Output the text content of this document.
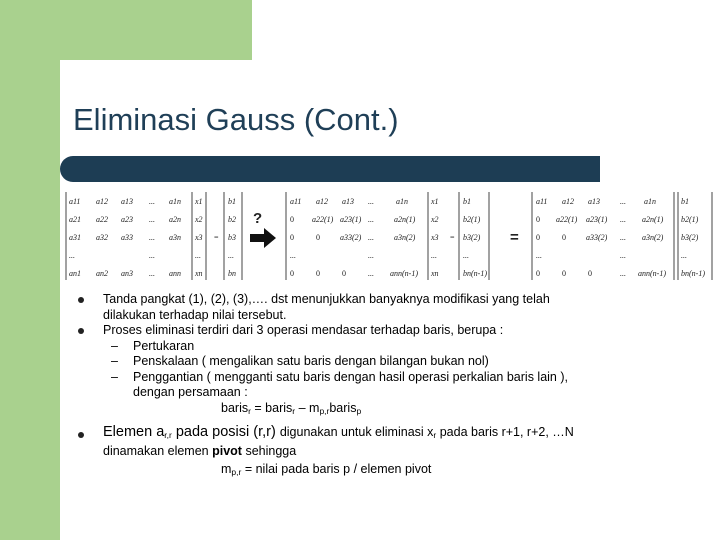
Eliminasi Gauss (Cont.)
a11 a12 a13 ... a1n
a21 a22 a23 ... a2n
a31 a32 a33 ... a3n
...	...
an1 an2 an3 ... ann
x1
x2
x3
...
xn
=
b1
b2
b3
...
bn
?
a11 a12 a13 ...	a1n
0 a22(1) a23(1) ...	a2n(1)
0	0	a33(2) ...	a3n(2)
...	...
0	0	0	... ann(n-1)
x1
x2
x3
...
xn
=
b1
b2(1)
b3(2)
...
bn(n-1)
=
a11 a12 a13	... a1n
0 a22(1) a23(1) ... a2n(1)
0	0	a33(2) ... a3n(2)
...	...
0	0	0	... ann(n-1)
b1
b2(1)
b3(2)
...
bn(n-1)
Tanda pangkat (1), (2), (3),…. dst menunjukkan banyaknya modifikasi yang telah
dilakukan terhadap nilai tersebut.
Proses eliminasi terdiri dari 3 operasi mendasar terhadap baris, berupa :
– Pertukaran
– Penskalaan ( mengalikan satu baris dengan bilangan bukan nol)
– Penggantian ( mengganti satu baris dengan hasil operasi perkalian baris lain ),
dengan persamaan :
barisr = barisr – mp,rbarisp
Elemen ar,r pada posisi (r,r) digunakan untuk eliminasi xr pada baris r+1, r+2, …N
dinamakan elemen pivot sehingga
mp,r = nilai pada baris p / elemen pivot
